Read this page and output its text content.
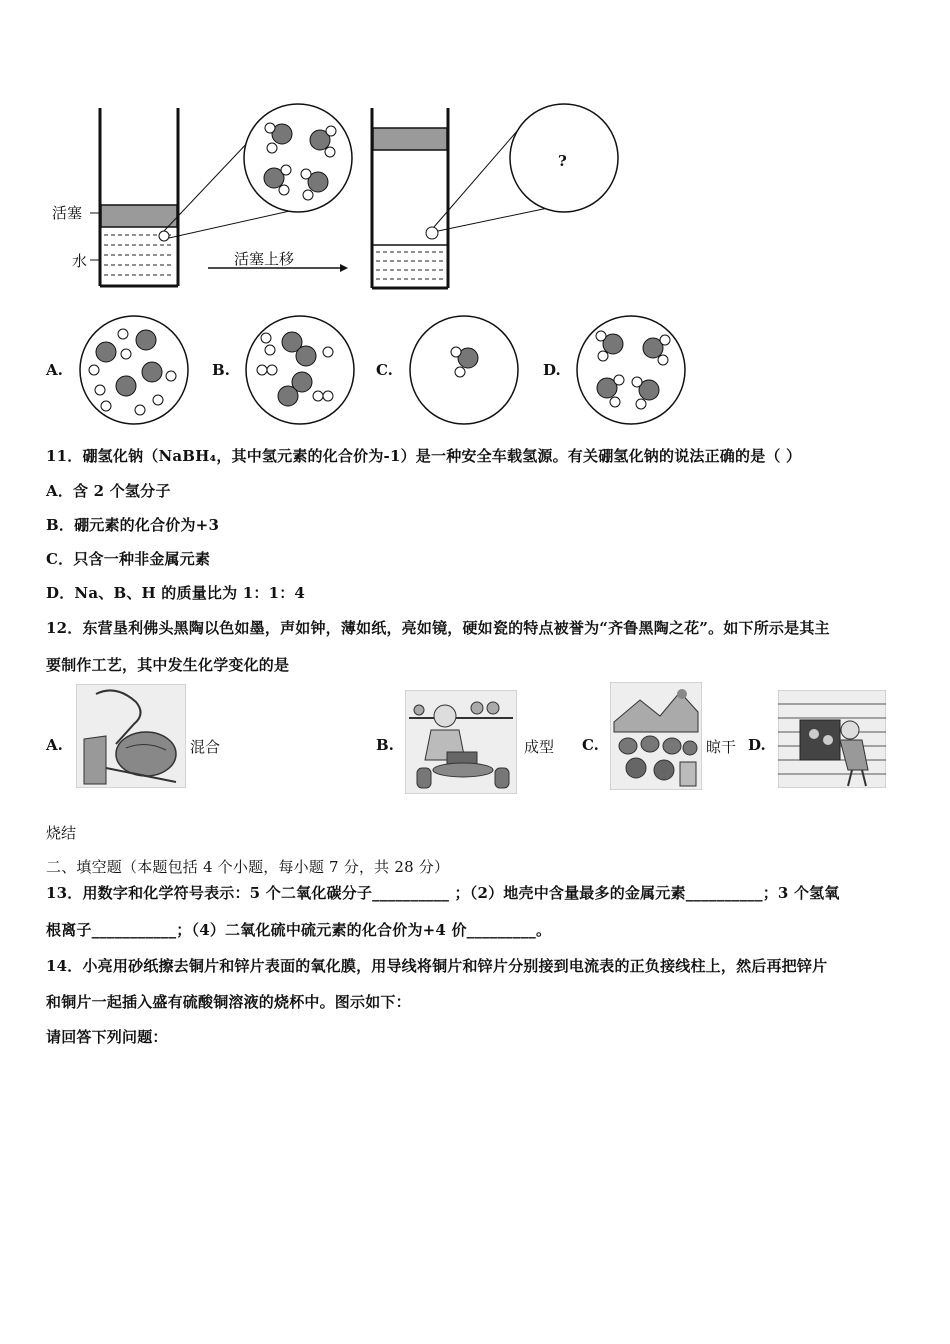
活塞
水	活塞上移
?
A.	B.	C.	D.
11．硼氢化钠（NaBH₄，其中氢元素的化合价为-1）是一种安全车载氢源。有关硼氢化钠的说法正确的是（ ）
A．含 2 个氢分子
B．硼元素的化合价为+3
C．只含一种非金属元素
D．Na、B、H 的质量比为 1：1：4
12．东营垦利佛头黑陶以色如墨，声如钟，薄如纸，亮如镜，硬如瓷的特点被誉为“齐鲁黑陶之花”。如下所示是其主
要制作工艺，其中发生化学变化的是
A.	混合	B.	成型 C.	晾干 D.
烧结
二、填空题（本题包括 4 个小题，每小题 7 分，共 28 分）
13．用数字和化学符号表示：5 个二氧化碳分子__________ ；（2）地壳中含量最多的金属元素__________；3 个氢氧
根离子___________；（4）二氧化硫中硫元素的化合价为+4 价_________。
14．小亮用砂纸擦去铜片和锌片表面的氧化膜，用导线将铜片和锌片分别接到电流表的正负接线柱上，然后再把锌片
和铜片一起插入盛有硫酸铜溶液的烧杯中。图示如下：
请回答下列问题：
